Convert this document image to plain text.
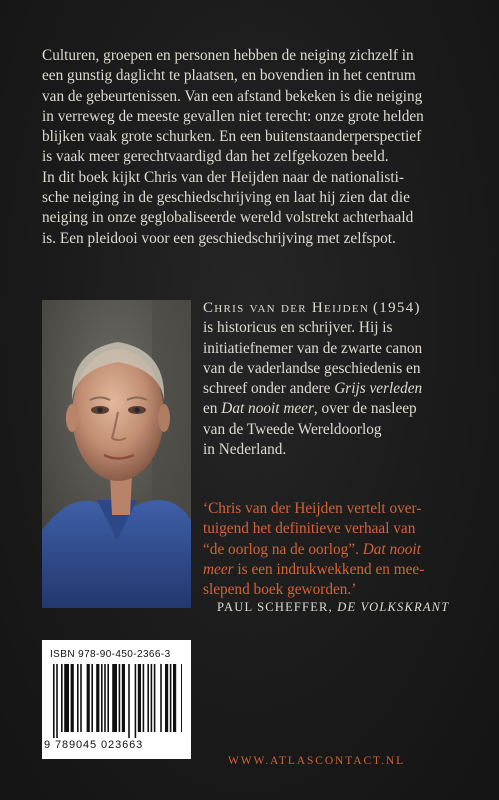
Culturen, groepen en personen hebben de neiging zichzelf in
een gunstig daglicht te plaatsen, en bovendien in het centrum
van de gebeurtenissen. Van een afstand bekeken is die neiging
in verreweg de meeste gevallen niet terecht: onze grote helden
blijken vaak grote schurken. En een buitenstaanderperspectief
is vaak meer gerechtvaardigd dan het zelfgekozen beeld.
In dit boek kijkt Chris van der Heijden naar de nationalisti-
sche neiging in de geschiedschrijving en laat hij zien dat die
neiging in onze geglobaliseerde wereld volstrekt achterhaald
is. Een pleidooi voor een geschiedschrijving met zelfspot.
Chris van der Heijden (1954)
is historicus en schrijver. Hij is
initiatiefnemer van de zwarte canon
van de vaderlandse geschiedenis en
schreef onder andere Grijs verleden
en Dat nooit meer, over de nasleep
van de Tweede Wereldoorlog
in Nederland.
‘Chris van der Heijden vertelt over-
tuigend het definitieve verhaal van
“de oorlog na de oorlog”. Dat nooit
meer is een indrukwekkend en mee-
slepend boek geworden.’
PAUL SCHEFFER, DE VOLKSKRANT
ISBN 978-90-450-2366-3
9 789045 023663
WWW.ATLASCONTACT.NL
